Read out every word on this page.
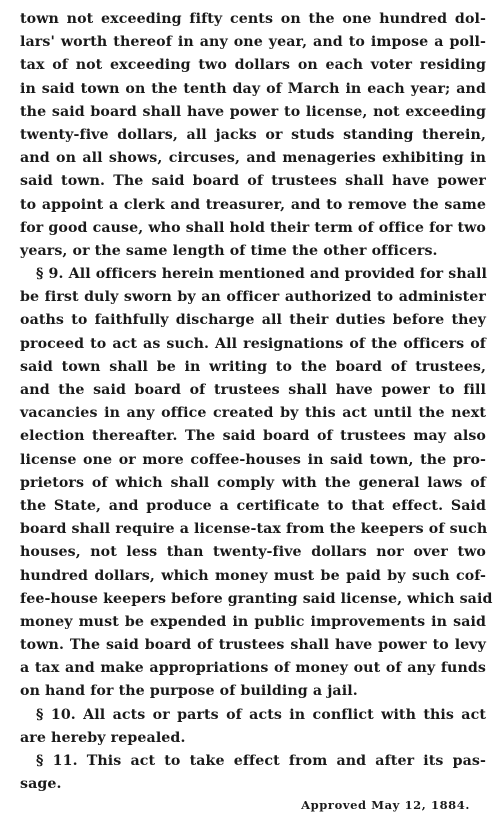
town not exceeding fifty cents on the one hundred dol-
lars' worth thereof in any one year, and to impose a poll-
tax of not exceeding two dollars on each voter residing
in said town on the tenth day of March in each year; and
the said board shall have power to license, not exceeding
twenty-five dollars, all jacks or studs standing therein,
and on all shows, circuses, and menageries exhibiting in
said town. The said board of trustees shall have power
to appoint a clerk and treasurer, and to remove the same
for good cause, who shall hold their term of office for two
years, or the same length of time the other officers.
§ 9. All officers herein mentioned and provided for shall
be first duly sworn by an officer authorized to administer
oaths to faithfully discharge all their duties before they
proceed to act as such. All resignations of the officers of
said town shall be in writing to the board of trustees,
and the said board of trustees shall have power to fill
vacancies in any office created by this act until the next
election thereafter. The said board of trustees may also
license one or more coffee-houses in said town, the pro-
prietors of which shall comply with the general laws of
the State, and produce a certificate to that effect. Said
board shall require a license-tax from the keepers of such
houses, not less than twenty-five dollars nor over two
hundred dollars, which money must be paid by such cof-
fee-house keepers before granting said license, which said
money must be expended in public improvements in said
town. The said board of trustees shall have power to levy
a tax and make appropriations of money out of any funds
on hand for the purpose of building a jail.
§ 10. All acts or parts of acts in conflict with this act
are hereby repealed.
§ 11. This act to take effect from and after its pas-
sage.
Approved May 12, 1884.
